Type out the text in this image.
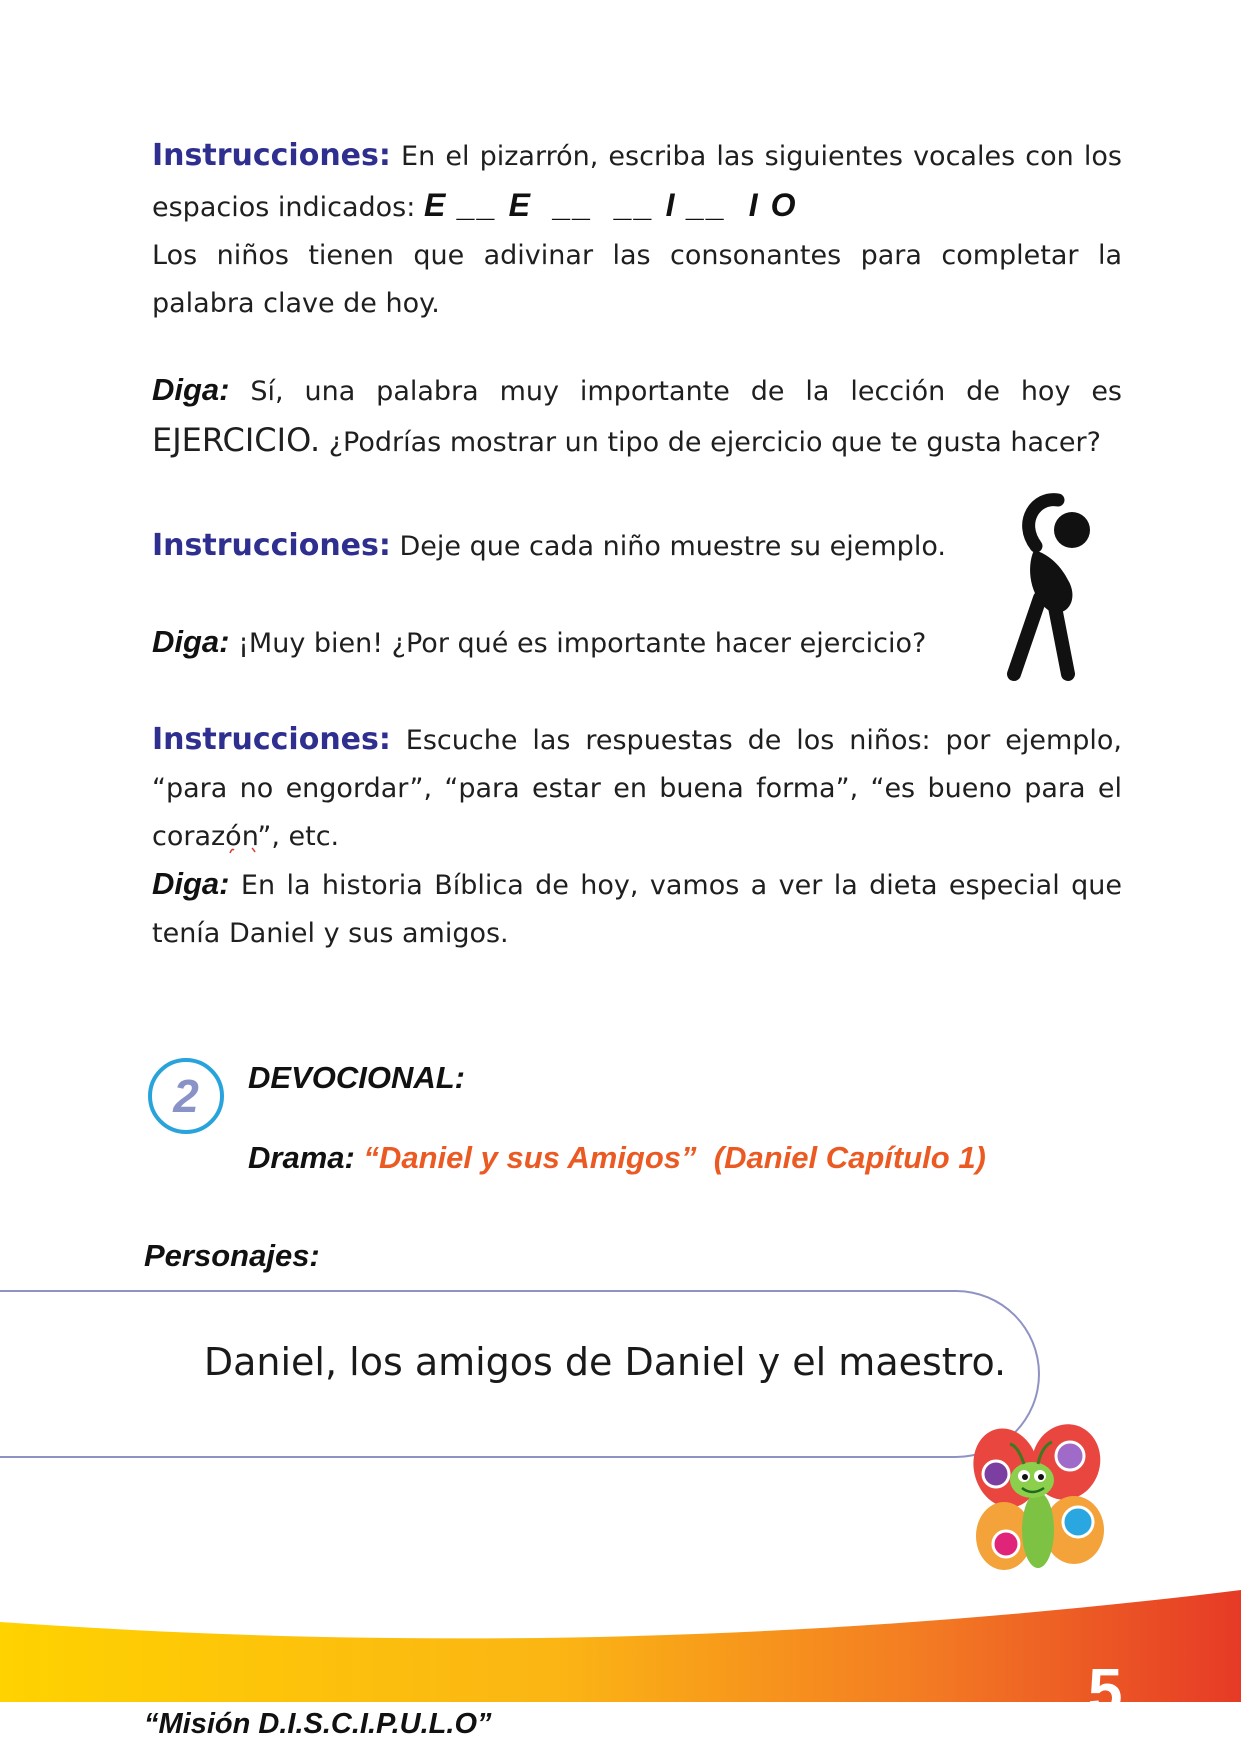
Instrucciones: En el pizarrón, escriba las siguientes vocales con los espacios indicados: E __ E  __  __ I __  I O
Los niños tienen que adivinar las consonantes para completar la palabra clave de hoy.
Diga: Sí, una palabra muy importante de la lección de hoy es EJERCICIO. ¿Podrías mostrar un tipo de ejercicio que te gusta hacer?
Instrucciones: Deje que cada niño muestre su ejemplo.
Diga: ¡Muy bien! ¿Por qué es importante hacer ejercicio?
Instrucciones: Escuche las respuestas de los niños: por ejemplo, “para no engordar”, “para estar en buena forma”, “es bueno para el corazón”, etc.
Diga: En la historia Bíblica de hoy, vamos a ver la dieta especial que tenía Daniel y sus amigos.
2	DEVOCIONAL:
Drama: “Daniel y sus Amigos” (Daniel Capítulo 1)
Personajes:
Daniel, los amigos de Daniel y el maestro.
5
“Misión D.I.S.C.I.P.U.L.O”
